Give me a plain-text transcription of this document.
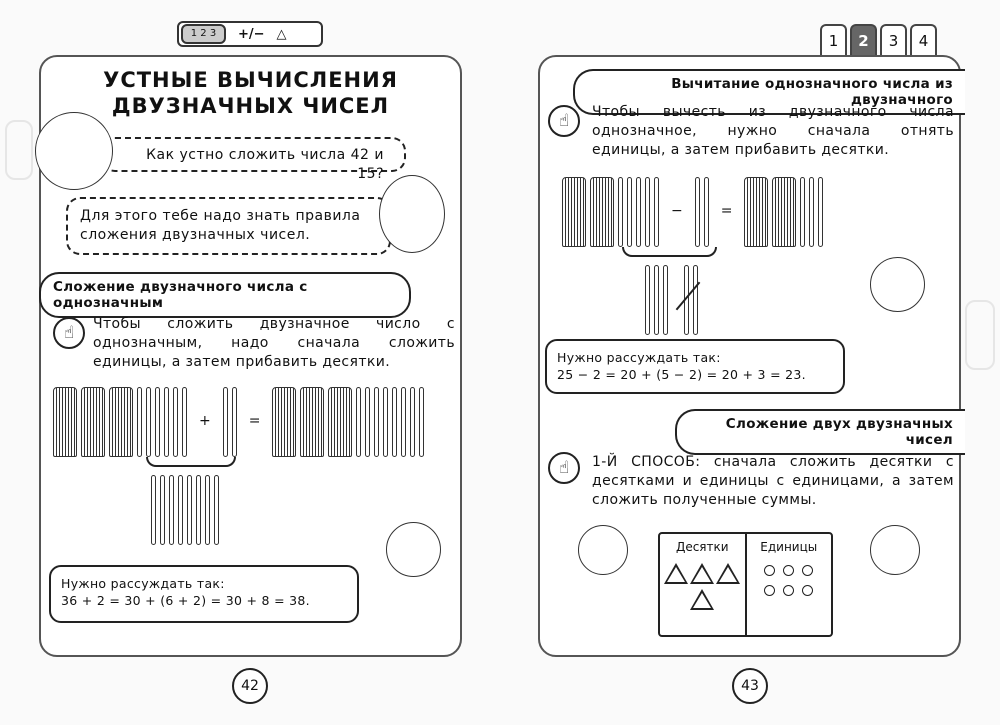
1 2 3	+/− △	1	2	3	4
УСТНЫЕ ВЫЧИСЛЕНИЯ
ДВУЗНАЧНЫХ ЧИСЕЛ
Как устно сложить числа 42 и 15?
Для этого тебе надо знать правила сложения двузначных чисел.
Сложение двузначного числа с однозначным
☝	Чтобы сложить двузначное число с однозначным, надо сначала сложить единицы, а затем прибавить десятки.
+	=
Нужно рассуждать так:
36 + 2 = 30 + (6 + 2) = 30 + 8 = 38.
42
Вычитание однозначного числа из двузначного
☝	Чтобы вычесть из двузначного числа однозначное, нужно сначала отнять единицы, а затем прибавить десятки.
−	=
Нужно рассуждать так:
25 − 2 = 20 + (5 − 2) = 20 + 3 = 23.
Сложение двух двузначных чисел
☝	1-Й СПОСОБ: сначала сложить десятки с десятками и единицы с единицами, а затем сложить полученные суммы.
Десятки	Единицы
43
